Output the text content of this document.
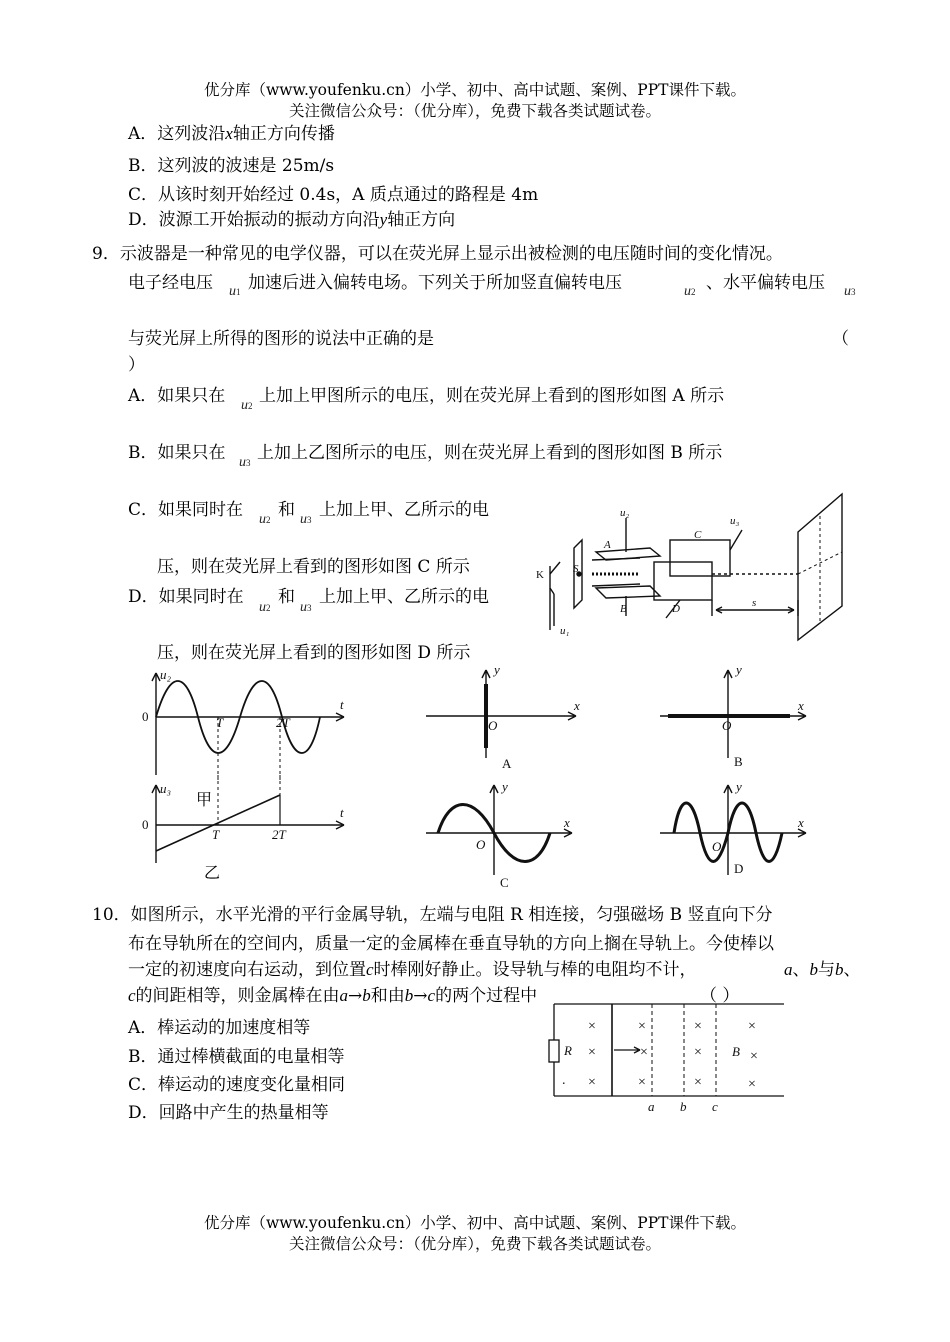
优分库（www.youfenku.cn）小学、初中、高中试题、案例、PPT课件下载。
关注微信公众号：（优分库），免费下载各类试题试卷。
A．这列波沿x轴正方向传播
B．这列波的波速是 25m/s
C．从该时刻开始经过 0.4s，A 质点通过的路程是 4m
D．波源工开始振动的振动方向沿y轴正方向
9．示波器是一种常见的电学仪器，可以在荧光屏上显示出被检测的电压随时间的变化情况。
电子经电压 u1 加速后进入偏转电场。下列关于所加竖直偏转电压	u2 、水平偏转电压 u3
与荧光屏上所得的图形的说法中正确的是	（
）
A．如果只在 u2 上加上甲图所示的电压，则在荧光屏上看到的图形如图 A 所示
B．如果只在 u3 上加上乙图所示的电压，则在荧光屏上看到的图形如图 B 所示
C．如果同时在 u2 和 u3 上加上甲、乙所示的电
压，则在荧光屏上看到的图形如图 C 所示
D．如果同时在
u2
和
u3
上加上甲、乙所示的电
压，则在荧光屏上看到的图形如图 D 所示
K	S
A
B
C
D
u₂
u₃
u₁
s
u₂
t
0	T	2T
甲
u₃
t
0
T	2T
乙
x
y
O
A
x
y
O
B
x
y
O
C
x
y
O
D
10．如图所示，水平光滑的平行金属导轨，左端与电阻 R 相连接，匀强磁场 B 竖直向下分
布在导轨所在的空间内，质量一定的金属棒在垂直导轨的方向上搁在导轨上。今使棒以
一定的初速度向右运动，到位置c时棒刚好静止。设导轨与棒的电阻均不计，	a、b与b、
c的间距相等，则金属棒在由a→b和由b→c的两个过程中	（ ）
A．棒运动的加速度相等
B．通过棒横截面的电量相等
C．棒运动的速度变化量相同
D．回路中产生的热量相等
×
×
×
×
×
×
×
×
×
×
×
×
.
R	B
a b c
优分库（www.youfenku.cn）小学、初中、高中试题、案例、PPT课件下载。
关注微信公众号：（优分库），免费下载各类试题试卷。
